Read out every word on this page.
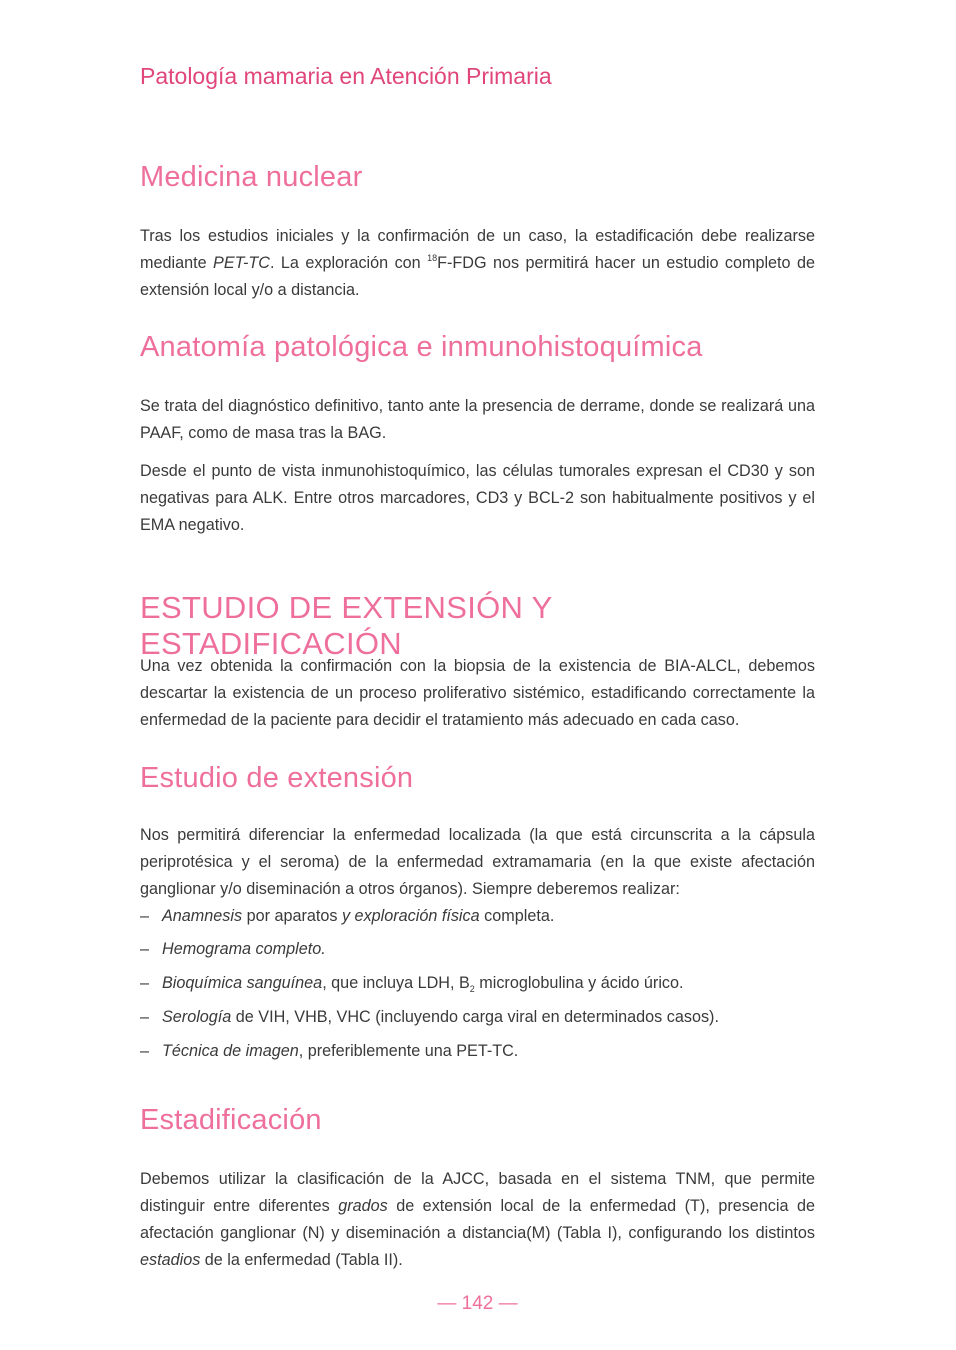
Patología mamaria en Atención Primaria
Medicina nuclear

Tras los estudios iniciales y la confirmación de un caso, la estadificación debe realizarse mediante PET-TC. La exploración con $^{18}$F-FDG nos permitirá hacer un estudio completo de extensión local y/o a distancia.

Anatomía patológica e inmunohistoquímica

Se trata del diagnóstico definitivo, tanto ante la presencia de derrame, donde se realizará una PAAF, como de masa tras la BAG.

Desde el punto de vista inmunohistoquímico, las células tumorales expresan el CD30 y son negativas para ALK. Entre otros marcadores, CD3 y BCL-2 son habitualmente positivos y el EMA negativo.

ESTUDIO DE EXTENSIÓN Y ESTADIFICACIÓN

Una vez obtenida la confirmación con la biopsia de la existencia de BIA-ALCL, debemos descartar la existencia de un proceso proliferativo sistémico, estadificando correctamente la enfermedad de la paciente para decidir el tratamiento más adecuado en cada caso.

Estudio de extensión

Nos permitirá diferenciar la enfermedad localizada (la que está circunscrita a la cápsula periprotésica y el seroma) de la enfermedad extramamaria (en la que existe afectación ganglionar y/o diseminación a otros órganos). Siempre deberemos realizar:

– Anamnesis por aparatos y exploración física completa.
– Hemograma completo.
– Bioquímica sanguínea, que incluya LDH, $B_2$ microglobulina y ácido úrico.
– Serología de VIH, VHB, VHC (incluyendo carga viral en determinados casos).
– Técnica de imagen, preferiblemente una PET-TC.
Estadificación

Debemos utilizar la clasificación de la AJCC, basada en el sistema TNM, que permite distinguir entre diferentes grados de extensión local de la enfermedad (T), presencia de afectación ganglionar (N) y diseminación a distancia(M) (Tabla I), configurando los distintos estadios de la enfermedad (Tabla II).

— 142 —
